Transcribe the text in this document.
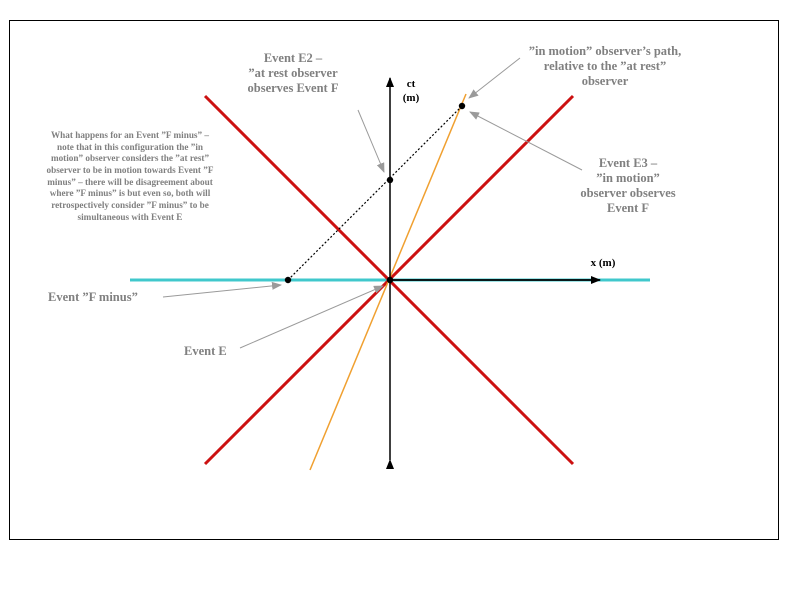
ct
(m)
x (m)
Event E2 –
”at rest observer
observes Event F
”in motion” observer’s path,
relative to the ”at rest”
observer
Event E3 –
”in motion”
observer observes
Event F
What happens for an Event ”F minus” –
note that in this configuration the ”in
motion” observer considers the ”at rest”
observer to be in motion towards Event ”F
minus” – there will be disagreement about
where ”F minus” is but even so, both will
retrospectively consider ”F minus” to be
simultaneous with Event E
Event ”F minus”
Event E
